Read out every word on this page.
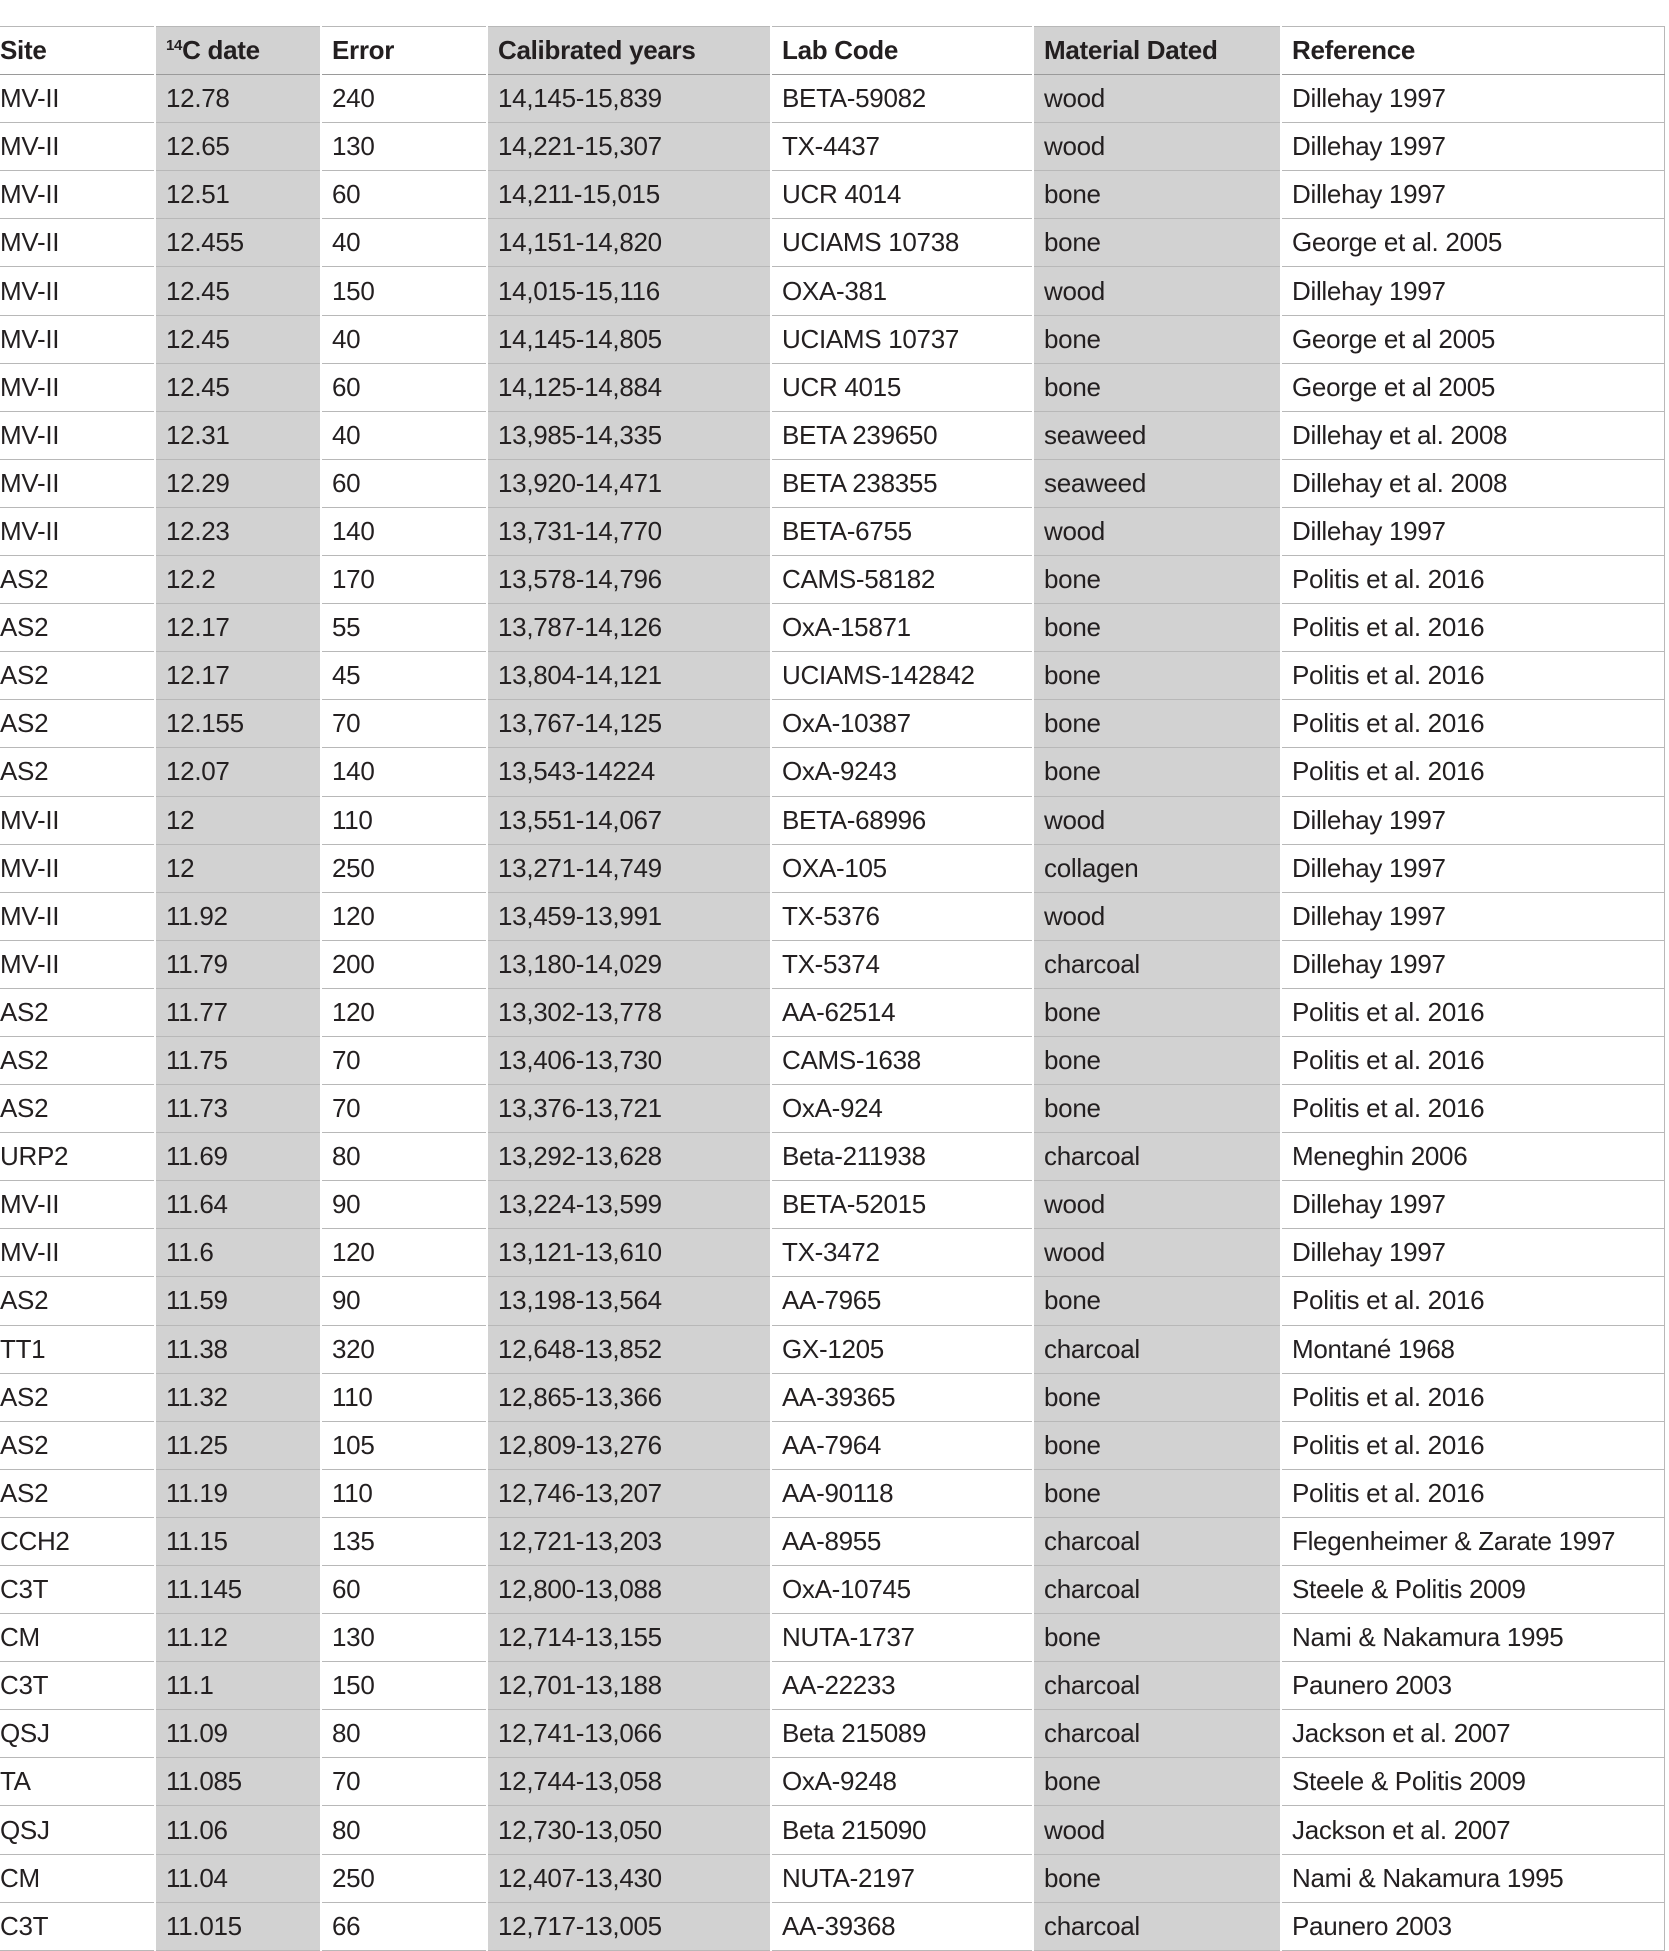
Site	$^{14}$C date	Error	Calibrated years	Lab Code	Material Dated	Reference
MV-II	12.78	240	14,145-15,839	BETA-59082	wood	Dillehay 1997
MV-II	12.65	130	14,221-15,307	TX-4437	wood	Dillehay 1997
MV-II	12.51	60	14,211-15,015	UCR 4014	bone	Dillehay 1997
MV-II	12.455	40	14,151-14,820	UCIAMS 10738	bone	George et al. 2005
MV-II	12.45	150	14,015-15,116	OXA-381	wood	Dillehay 1997
MV-II	12.45	40	14,145-14,805	UCIAMS 10737	bone	George et al 2005
MV-II	12.45	60	14,125-14,884	UCR 4015	bone	George et al 2005
MV-II	12.31	40	13,985-14,335	BETA 239650	seaweed	Dillehay et al. 2008
MV-II	12.29	60	13,920-14,471	BETA 238355	seaweed	Dillehay et al. 2008
MV-II	12.23	140	13,731-14,770	BETA-6755	wood	Dillehay 1997
AS2	12.2	170	13,578-14,796	CAMS-58182	bone	Politis et al. 2016
AS2	12.17	55	13,787-14,126	OxA-15871	bone	Politis et al. 2016
AS2	12.17	45	13,804-14,121	UCIAMS-142842	bone	Politis et al. 2016
AS2	12.155	70	13,767-14,125	OxA-10387	bone	Politis et al. 2016
AS2	12.07	140	13,543-14224	OxA-9243	bone	Politis et al. 2016
MV-II	12	110	13,551-14,067	BETA-68996	wood	Dillehay 1997
MV-II	12	250	13,271-14,749	OXA-105	collagen	Dillehay 1997
MV-II	11.92	120	13,459-13,991	TX-5376	wood	Dillehay 1997
MV-II	11.79	200	13,180-14,029	TX-5374	charcoal	Dillehay 1997
AS2	11.77	120	13,302-13,778	AA-62514	bone	Politis et al. 2016
AS2	11.75	70	13,406-13,730	CAMS-1638	bone	Politis et al. 2016
AS2	11.73	70	13,376-13,721	OxA-924	bone	Politis et al. 2016
URP2	11.69	80	13,292-13,628	Beta-211938	charcoal	Meneghin 2006
MV-II	11.64	90	13,224-13,599	BETA-52015	wood	Dillehay 1997
MV-II	11.6	120	13,121-13,610	TX-3472	wood	Dillehay 1997
AS2	11.59	90	13,198-13,564	AA-7965	bone	Politis et al. 2016
TT1	11.38	320	12,648-13,852	GX-1205	charcoal	Montané 1968
AS2	11.32	110	12,865-13,366	AA-39365	bone	Politis et al. 2016
AS2	11.25	105	12,809-13,276	AA-7964	bone	Politis et al. 2016
AS2	11.19	110	12,746-13,207	AA-90118	bone	Politis et al. 2016
CCH2	11.15	135	12,721-13,203	AA-8955	charcoal	Flegenheimer & Zarate 1997
C3T	11.145	60	12,800-13,088	OxA-10745	charcoal	Steele & Politis 2009
CM	11.12	130	12,714-13,155	NUTA-1737	bone	Nami & Nakamura 1995
C3T	11.1	150	12,701-13,188	AA-22233	charcoal	Paunero 2003
QSJ	11.09	80	12,741-13,066	Beta 215089	charcoal	Jackson et al. 2007
TA	11.085	70	12,744-13,058	OxA-9248	bone	Steele & Politis 2009
QSJ	11.06	80	12,730-13,050	Beta 215090	wood	Jackson et al. 2007
CM	11.04	250	12,407-13,430	NUTA-2197	bone	Nami & Nakamura 1995
C3T	11.015	66	12,717-13,005	AA-39368	charcoal	Paunero 2003
